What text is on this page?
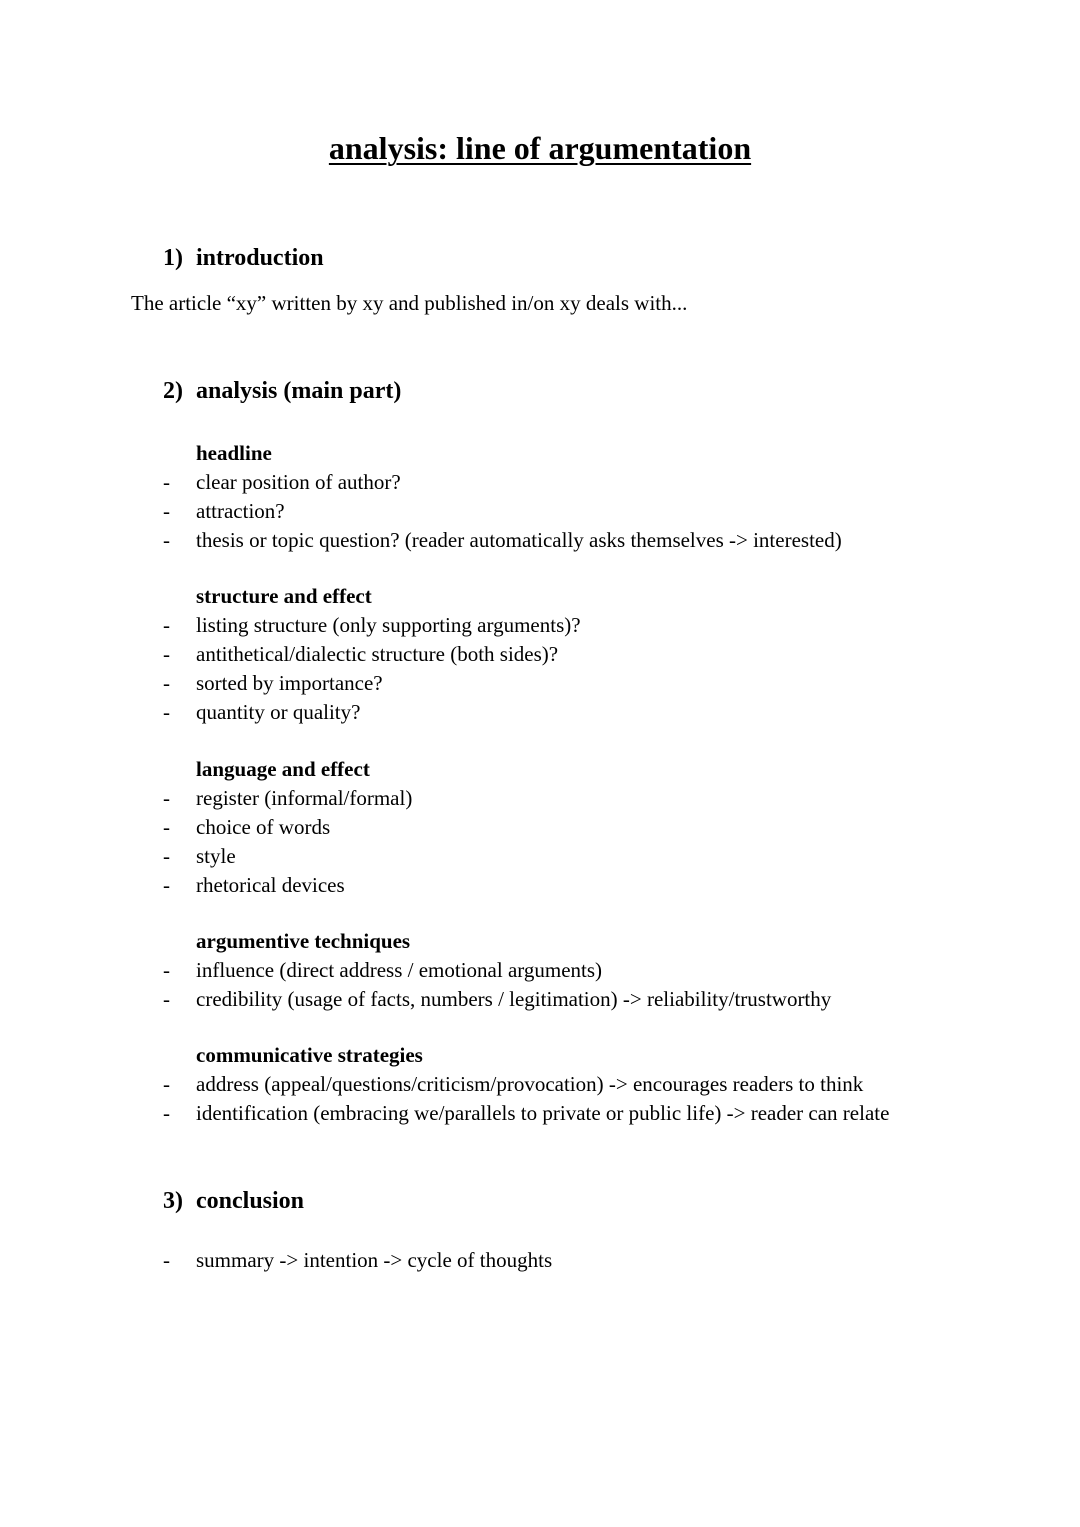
analysis: line of argumentation
1) introduction
The article “xy” written by xy and published in/on xy deals with...
2) analysis (main part)
headline
- clear position of author?
- attraction?
- thesis or topic question? (reader automatically asks themselves -> interested)
structure and effect
- listing structure (only supporting arguments)?
- antithetical/dialectic structure (both sides)?
- sorted by importance?
- quantity or quality?
language and effect
- register (informal/formal)
- choice of words
- style
- rhetorical devices
argumentive techniques
- influence (direct address / emotional arguments)
- credibility (usage of facts, numbers / legitimation) -> reliability/trustworthy
communicative strategies
- address (appeal/questions/criticism/provocation) -> encourages readers to think
- identification (embracing we/parallels to private or public life) -> reader can relate
3) conclusion
- summary -> intention -> cycle of thoughts
